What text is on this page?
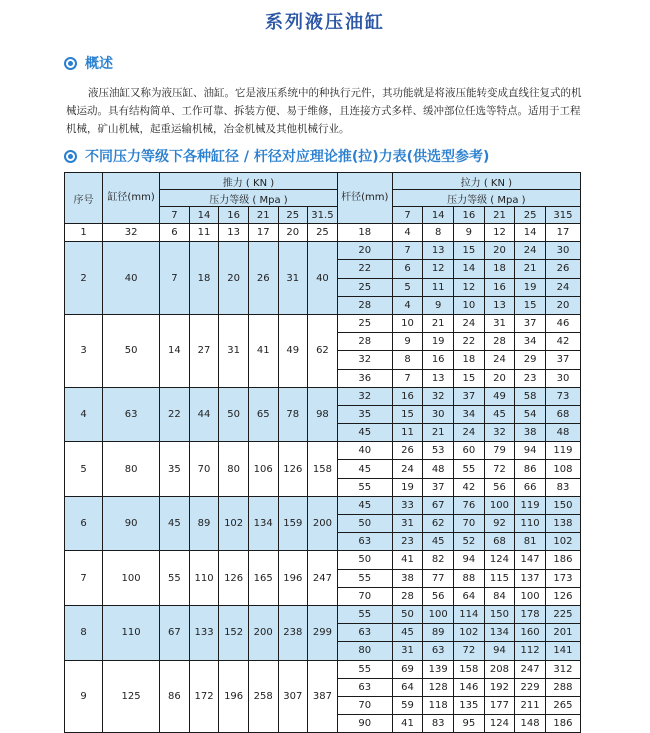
系列液压油缸
概述
液压油缸又称为液压缸、油缸。它是液压系统中的种执行元件，其功能就是将液压能转变成直线往复式的机械运动。具有结构简单、工作可靠、拆装方便、易于维修，且连接方式多样、缓冲部位任选等特点。适用于工程机械，矿山机械，起重运输机械，冶金机械及其他机械行业。
不同压力等级下各种缸径 / 杆径对应理论推(拉)力表(供选型参考)
序号	缸径(mm)	推力 ( KN )						杆径(mm)	拉力 ( KN )					
		压力等级 ( Mpa )							压力等级 ( Mpa )					
		7	14	16	21	25	31.5		7	14	16	21	25	315
1	32	6	11	13	17	20	25	18	4	8	9	12	14	17
2	40	7	18	20	26	31	40	20	7	13	15	20	24	30
								22	6	12	14	18	21	26
								25	5	11	12	16	19	24
								28	4	9	10	13	15	20
3	50	14	27	31	41	49	62	25	10	21	24	31	37	46
								28	9	19	22	28	34	42
								32	8	16	18	24	29	37
								36	7	13	15	20	23	30
4	63	22	44	50	65	78	98	32	16	32	37	49	58	73
								35	15	30	34	45	54	68
								45	11	21	24	32	38	48
5	80	35	70	80	106	126	158	40	26	53	60	79	94	119
								45	24	48	55	72	86	108
								55	19	37	42	56	66	83
6	90	45	89	102	134	159	200	45	33	67	76	100	119	150
								50	31	62	70	92	110	138
								63	23	45	52	68	81	102
7	100	55	110	126	165	196	247	50	41	82	94	124	147	186
								55	38	77	88	115	137	173
								70	28	56	64	84	100	126
8	110	67	133	152	200	238	299	55	50	100	114	150	178	225
								63	45	89	102	134	160	201
								80	31	63	72	94	112	141
9	125	86	172	196	258	307	387	55	69	139	158	208	247	312
								63	64	128	146	192	229	288
								70	59	118	135	177	211	265
								90	41	83	95	124	148	186
